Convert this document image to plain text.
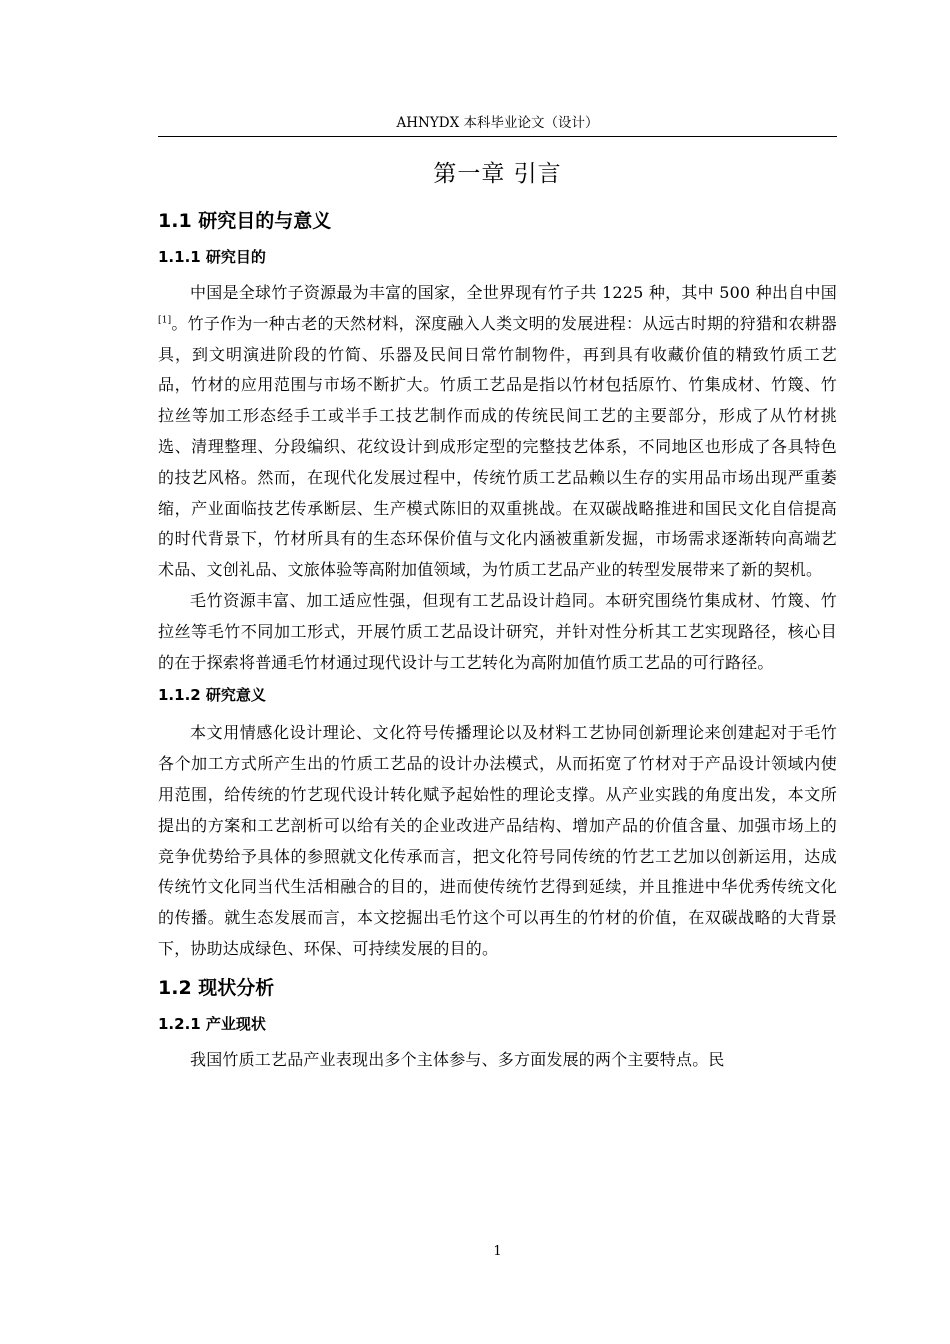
AHNYDX 本科毕业论文（设计）
第一章 引言
1.1 研究目的与意义
1.1.1 研究目的

中国是全球竹子资源最为丰富的国家，全世界现有竹子共 1225 种，其中 500 种出自中国[1]。竹子作为一种古老的天然材料，深度融入人类文明的发展进程：从远古时期的狩猎和农耕器具，到文明演进阶段的竹简、乐器及民间日常竹制物件，再到具有收藏价值的精致竹质工艺品，竹材的应用范围与市场不断扩大。竹质工艺品是指以竹材包括原竹、竹集成材、竹篾、竹拉丝等加工形态经手工或半手工技艺制作而成的传统民间工艺的主要部分，形成了从竹材挑选、清理整理、分段编织、花纹设计到成形定型的完整技艺体系，不同地区也形成了各具特色的技艺风格。然而，在现代化发展过程中，传统竹质工艺品赖以生存的实用品市场出现严重萎缩，产业面临技艺传承断层、生产模式陈旧的双重挑战。在双碳战略推进和国民文化自信提高的时代背景下，竹材所具有的生态环保价值与文化内涵被重新发掘，市场需求逐渐转向高端艺术品、文创礼品、文旅体验等高附加值领域，为竹质工艺品产业的转型发展带来了新的契机。

毛竹资源丰富、加工适应性强，但现有工艺品设计趋同。本研究围绕竹集成材、竹篾、竹拉丝等毛竹不同加工形式，开展竹质工艺品设计研究，并针对性分析其工艺实现路径，核心目的在于探索将普通毛竹材通过现代设计与工艺转化为高附加值竹质工艺品的可行路径。

1.1.2 研究意义

本文用情感化设计理论、文化符号传播理论以及材料工艺协同创新理论来创建起对于毛竹各个加工方式所产生出的竹质工艺品的设计办法模式，从而拓宽了竹材对于产品设计领域内使用范围，给传统的竹艺现代设计转化赋予起始性的理论支撑。从产业实践的角度出发，本文所提出的方案和工艺剖析可以给有关的企业改进产品结构、增加产品的价值含量、加强市场上的竞争优势给予具体的参照就文化传承而言，把文化符号同传统的竹艺工艺加以创新运用，达成传统竹文化同当代生活相融合的目的，进而使传统竹艺得到延续，并且推进中华优秀传统文化的传播。就生态发展而言，本文挖掘出毛竹这个可以再生的竹材的价值，在双碳战略的大背景下，协助达成绿色、环保、可持续发展的目的。

1.2 现状分析
1.2.1 产业现状

我国竹质工艺品产业表现出多个主体参与、多方面发展的两个主要特点。民

1
